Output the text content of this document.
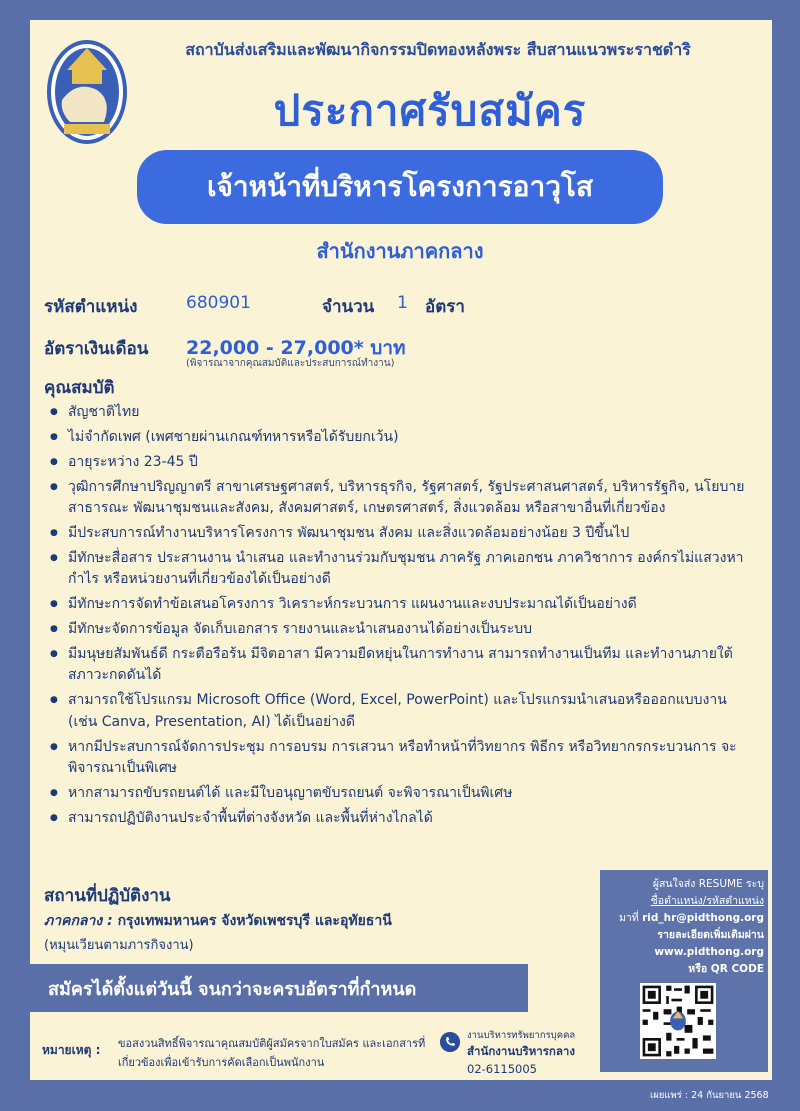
สถาบันส่งเสริมและพัฒนากิจกรรมปิดทองหลังพระ สืบสานแนวพระราชดำริ
ประกาศรับสมัคร
เจ้าหน้าที่บริหารโครงการอาวุโส
สำนักงานภาคกลาง
รหัสตำแหน่ง	680901	จำนวน 1 อัตรา
อัตราเงินเดือน 22,000 - 27,000* บาท
(พิจารณาจากคุณสมบัติและประสบการณ์ทำงาน)
คุณสมบัติ
● สัญชาติไทย
● ไม่จำกัดเพศ (เพศชายผ่านเกณฑ์ทหารหรือได้รับยกเว้น)
● อายุระหว่าง 23-45 ปี
● วุฒิการศึกษาปริญญาตรี สาขาเศรษฐศาสตร์, บริหารธุรกิจ, รัฐศาสตร์, รัฐประศาสนศาสตร์, บริหารรัฐกิจ, นโยบายสาธารณะ พัฒนาชุมชนและสังคม, สังคมศาสตร์, เกษตรศาสตร์, สิ่งแวดล้อม หรือสาขาอื่นที่เกี่ยวข้อง
● มีประสบการณ์ทำงานบริหารโครงการ พัฒนาชุมชน สังคม และสิ่งแวดล้อมอย่างน้อย 3 ปีขึ้นไป
● มีทักษะสื่อสาร ประสานงาน นำเสนอ และทำงานร่วมกับชุมชน ภาครัฐ ภาคเอกชน ภาควิชาการ องค์กรไม่แสวงหากำไร หรือหน่วยงานที่เกี่ยวข้องได้เป็นอย่างดี
● มีทักษะการจัดทำข้อเสนอโครงการ วิเคราะห์กระบวนการ แผนงานและงบประมาณได้เป็นอย่างดี
● มีทักษะจัดการข้อมูล จัดเก็บเอกสาร รายงานและนำเสนองานได้อย่างเป็นระบบ
● มีมนุษยสัมพันธ์ดี กระตือรือร้น มีจิตอาสา มีความยืดหยุ่นในการทำงาน สามารถทำงานเป็นทีม และทำงานภายใต้สภาวะกดดันได้
● สามารถใช้โปรแกรม Microsoft Office (Word, Excel, PowerPoint) และโปรแกรมนำเสนอหรือออกแบบงาน (เช่น Canva, Presentation, AI) ได้เป็นอย่างดี
● หากมีประสบการณ์จัดการประชุม การอบรม การเสวนา หรือทำหน้าที่วิทยากร พิธีกร หรือวิทยากรกระบวนการ จะพิจารณาเป็นพิเศษ
● หากสามารถขับรถยนต์ได้ และมีใบอนุญาตขับรถยนต์ จะพิจารณาเป็นพิเศษ
● สามารถปฏิบัติงานประจำพื้นที่ต่างจังหวัด และพื้นที่ห่างไกลได้
สถานที่ปฏิบัติงาน
ภาคกลาง : กรุงเทพมหานคร จังหวัดเพชรบุรี และอุทัยธานี
(หมุนเวียนตามภารกิจงาน)
สมัครได้ตั้งแต่วันนี้ จนกว่าจะครบอัตราที่กำหนด
ผู้สนใจส่ง RESUME ระบุ
ชื่อตำแหน่ง/รหัสตำแหน่ง
มาที่ rid_hr@pidthong.org
รายละเอียดเพิ่มเติมผ่าน
www.pidthong.org
หรือ QR CODE
หมายเหตุ : ขอสงวนสิทธิ์พิจารณาคุณสมบัติผู้สมัครจากใบสมัคร และเอกสารที่เกี่ยวข้องเพื่อเข้ารับการคัดเลือกเป็นพนักงาน
งานบริหารทรัพยากรบุคคล
สำนักงานบริหารกลาง
02-6115005
เผยแพร่ : 24 กันยายน 2568
